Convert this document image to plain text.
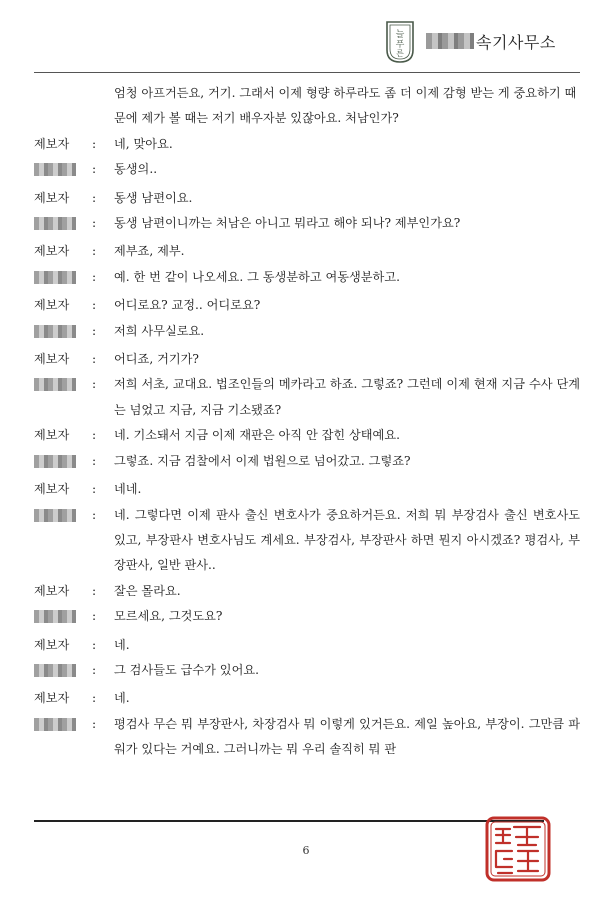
늘
푸
른
속기사무소
엄청 아프거든요, 거기. 그래서 이제 형량 하루라도 좀 더 이제 감형 받는 게 중요하기 때문에 제가 볼 때는 저기 배우자분 있잖아요. 처남인가?
제보자	:	네, 맞아요.
:	동생의..
제보자	:	동생 남편이요.
:	동생 남편이니까는 처남은 아니고 뭐라고 해야 되나? 제부인가요?
제보자	:	제부죠, 제부.
:	예. 한 번 같이 나오세요. 그 동생분하고 여동생분하고.
제보자	:	어디로요? 교정.. 어디로요?
:	저희 사무실로요.
제보자	:	어디죠, 거기가?
:	저희 서초, 교대요. 법조인들의 메카라고 하죠. 그렇죠? 그런데 이제 현재 지금 수사 단계는 넘었고 지금, 지금 기소됐죠?
제보자	:	네. 기소돼서 지금 이제 재판은 아직 안 잡힌 상태예요.
:	그렇죠. 지금 검찰에서 이제 법원으로 넘어갔고. 그렇죠?
제보자	:	네네.
:	네. 그렇다면 이제 판사 출신 변호사가 중요하거든요. 저희 뭐 부장검사 출신 변호사도 있고, 부장판사 변호사님도 계세요. 부장검사, 부장판사 하면 뭔지 아시겠죠? 평검사, 부장판사, 일반 판사..
제보자	:	잘은 몰라요.
:	모르세요, 그것도요?
제보자	:	네.
:	그 검사들도 급수가 있어요.
제보자	:	네.
:	평검사 무슨 뭐 부장판사, 차장검사 뭐 이렇게 있거든요. 제일 높아요, 부장이. 그만큼 파워가 있다는 거예요. 그러니까는 뭐 우리 솔직히 뭐 판
6
